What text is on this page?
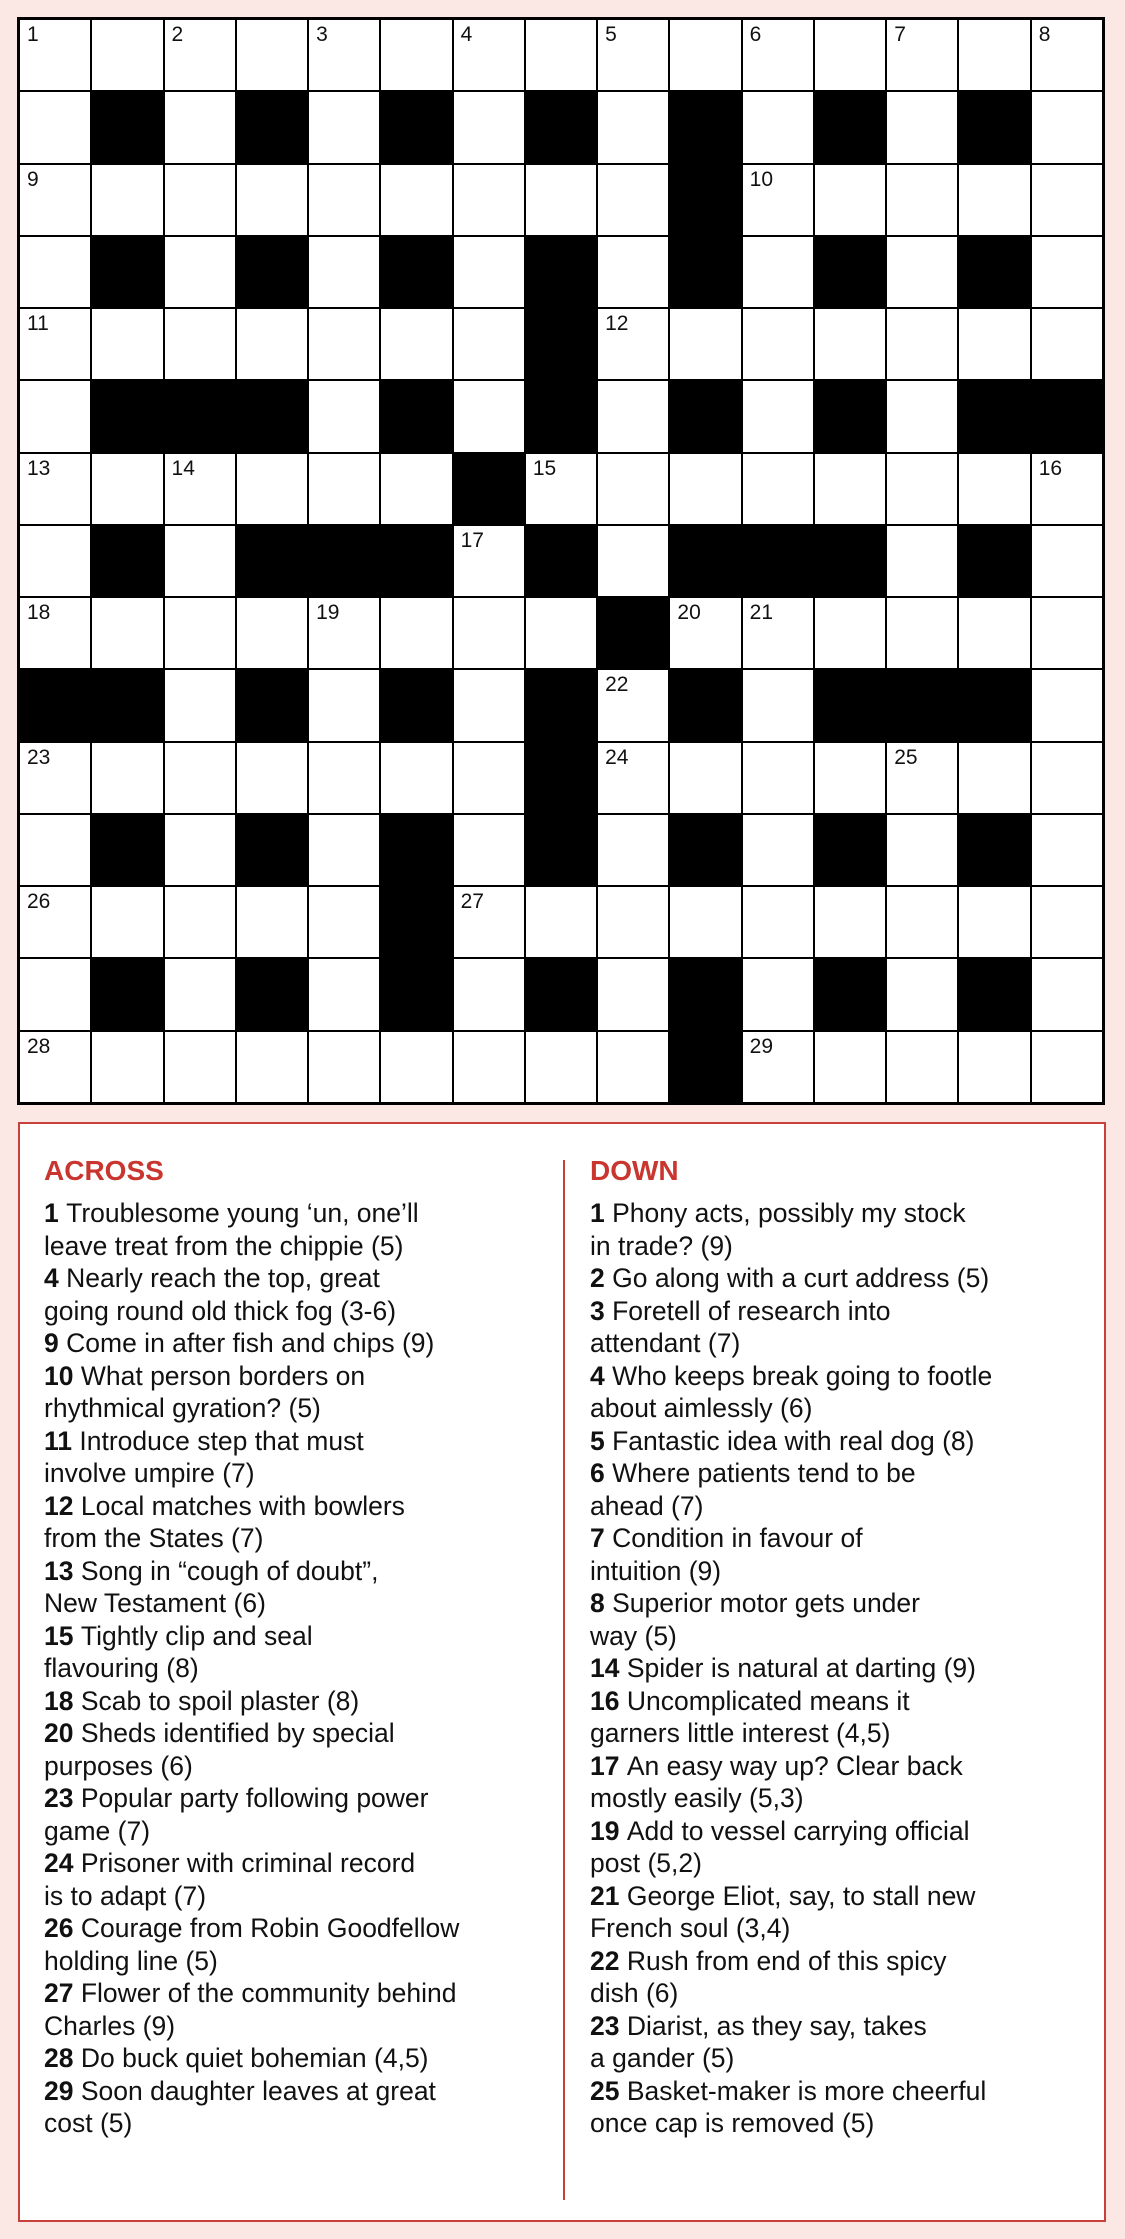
1	2	3	4	5	6	7	8
9	10
11	12
13	14	15	16
17
18	19	20 21
22
23	24	25
26	27
28	29
ACROSS
1 Troublesome young ‘un, one’ll
leave treat from the chippie (5)
4 Nearly reach the top, great
going round old thick fog (3-6)
9 Come in after fish and chips (9)
10 What person borders on
rhythmical gyration? (5)
11 Introduce step that must
involve umpire (7)
12 Local matches with bowlers
from the States (7)
13 Song in “cough of doubt”,
New Testament (6)
15 Tightly clip and seal
flavouring (8)
18 Scab to spoil plaster (8)
20 Sheds identified by special
purposes (6)
23 Popular party following power
game (7)
24 Prisoner with criminal record
is to adapt (7)
26 Courage from Robin Goodfellow
holding line (5)
27 Flower of the community behind
Charles (9)
28 Do buck quiet bohemian (4,5)
29 Soon daughter leaves at great
cost (5)
DOWN
1 Phony acts, possibly my stock
in trade? (9)
2 Go along with a curt address (5)
3 Foretell of research into
attendant (7)
4 Who keeps break going to footle
about aimlessly (6)
5 Fantastic idea with real dog (8)
6 Where patients tend to be
ahead (7)
7 Condition in favour of
intuition (9)
8 Superior motor gets under
way (5)
14 Spider is natural at darting (9)
16 Uncomplicated means it
garners little interest (4,5)
17 An easy way up? Clear back
mostly easily (5,3)
19 Add to vessel carrying official
post (5,2)
21 George Eliot, say, to stall new
French soul (3,4)
22 Rush from end of this spicy
dish (6)
23 Diarist, as they say, takes
a gander (5)
25 Basket-maker is more cheerful
once cap is removed (5)
